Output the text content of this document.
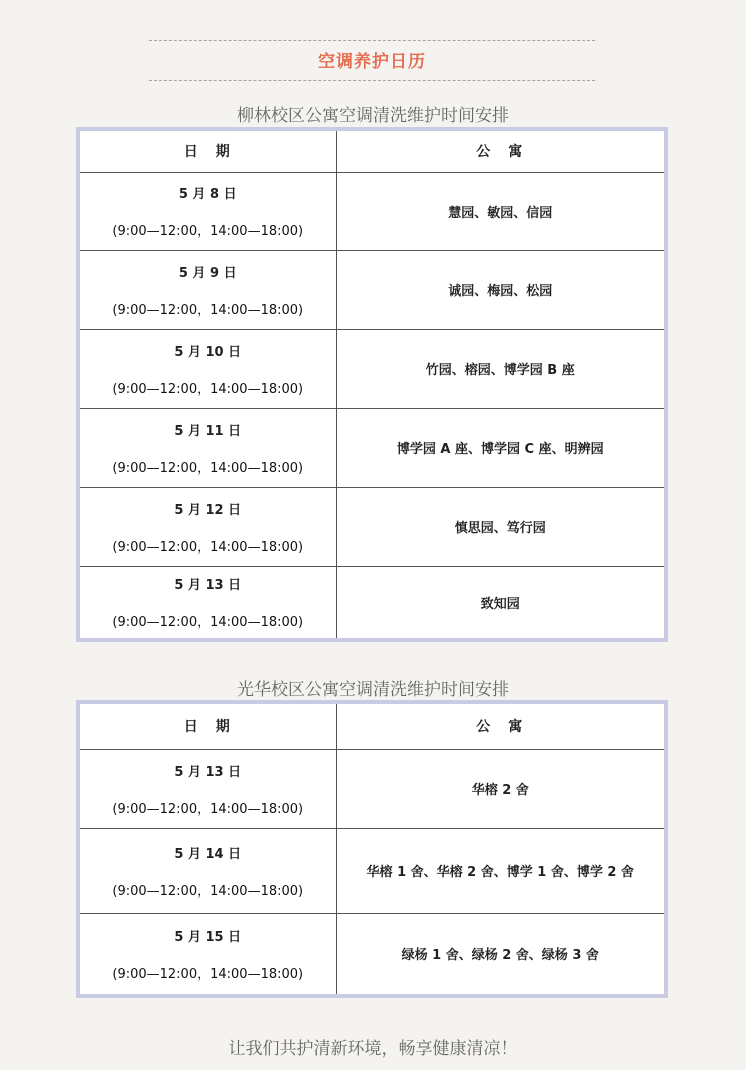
空调养护日历
柳林校区公寓空调清洗维护时间安排
日　期	公　寓

5 月 8 日
(9:00—12:00，14:00—18:00)	慧园、敏园、信园

5 月 9 日
(9:00—12:00，14:00—18:00)	诚园、梅园、松园

5 月 10 日
(9:00—12:00，14:00—18:00)	竹园、榕园、博学园 B 座

5 月 11 日
(9:00—12:00，14:00—18:00)	博学园 A 座、博学园 C 座、明辨园

5 月 12 日
(9:00—12:00，14:00—18:00)	慎思园、笃行园

5 月 13 日
(9:00—12:00，14:00—18:00)	致知园
光华校区公寓空调清洗维护时间安排
日　期	公　寓

5 月 13 日
(9:00—12:00，14:00—18:00)	华榕 2 舍

5 月 14 日
(9:00—12:00，14:00—18:00)	华榕 1 舍、华榕 2 舍、博学 1 舍、博学 2 舍

5 月 15 日
(9:00—12:00，14:00—18:00)	绿杨 1 舍、绿杨 2 舍、绿杨 3 舍
让我们共护清新环境，畅享健康清凉！
